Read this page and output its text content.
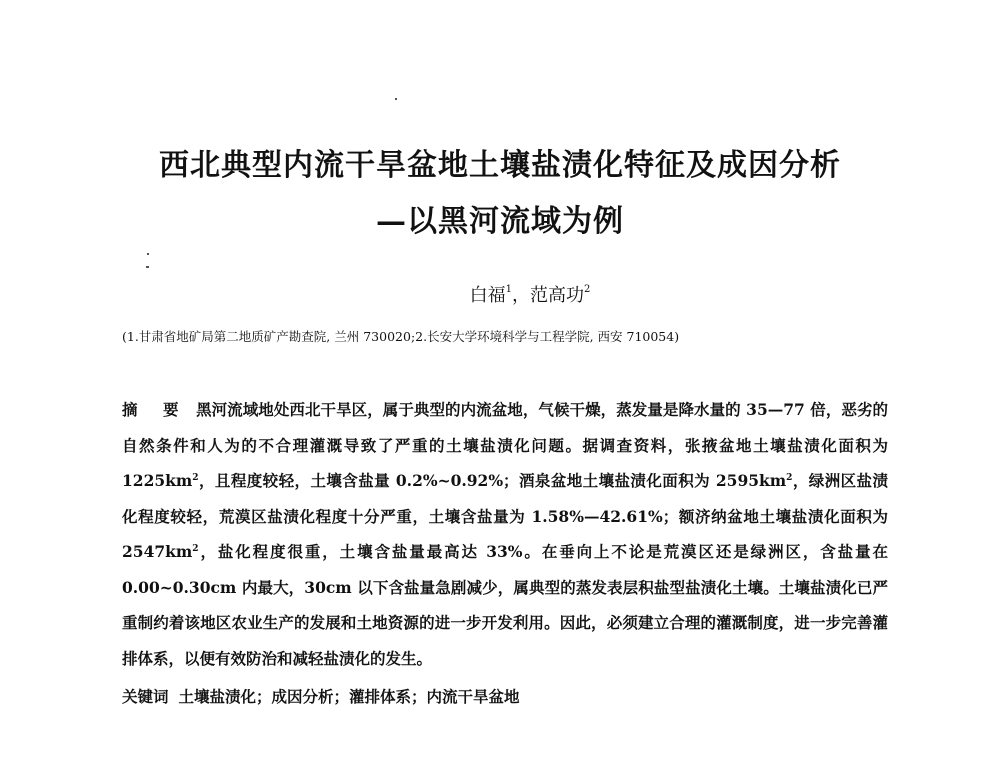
西北典型内流干旱盆地土壤盐渍化特征及成因分析
—以黑河流域为例
白福$^1$，范高功$^2$
(1.甘肃省地矿局第二地质矿产勘查院, 兰州 730020;2.长安大学环境科学与工程学院, 西安 710054)
摘 要 黑河流域地处西北干旱区，属于典型的内流盆地，气候干燥，蒸发量是降水量的 35—77 倍，恶劣的自然条件和人为的不合理灌溉导致了严重的土壤盐渍化问题。据调查资料，张掖盆地土壤盐渍化面积为 $1225km^2$，且程度较轻，土壤含盐量 0.2%~0.92%；酒泉盆地土壤盐渍化面积为 $2595km^2$，绿洲区盐渍化程度较轻，荒漠区盐渍化程度十分严重，土壤含盐量为 1.58%—42.61%；额济纳盆地土壤盐渍化面积为 $2547km^2$，盐化程度很重，土壤含盐量最高达 33%。在垂向上不论是荒漠区还是绿洲区，含盐量在 0.00~0.30cm 内最大，30cm 以下含盐量急剧减少，属典型的蒸发表层积盐型盐渍化土壤。土壤盐渍化已严重制约着该地区农业生产的发展和土地资源的进一步开发利用。因此，必须建立合理的灌溉制度，进一步完善灌排体系，以便有效防治和减轻盐渍化的发生。
关键词 土壤盐渍化；成因分析；灌排体系；内流干旱盆地
